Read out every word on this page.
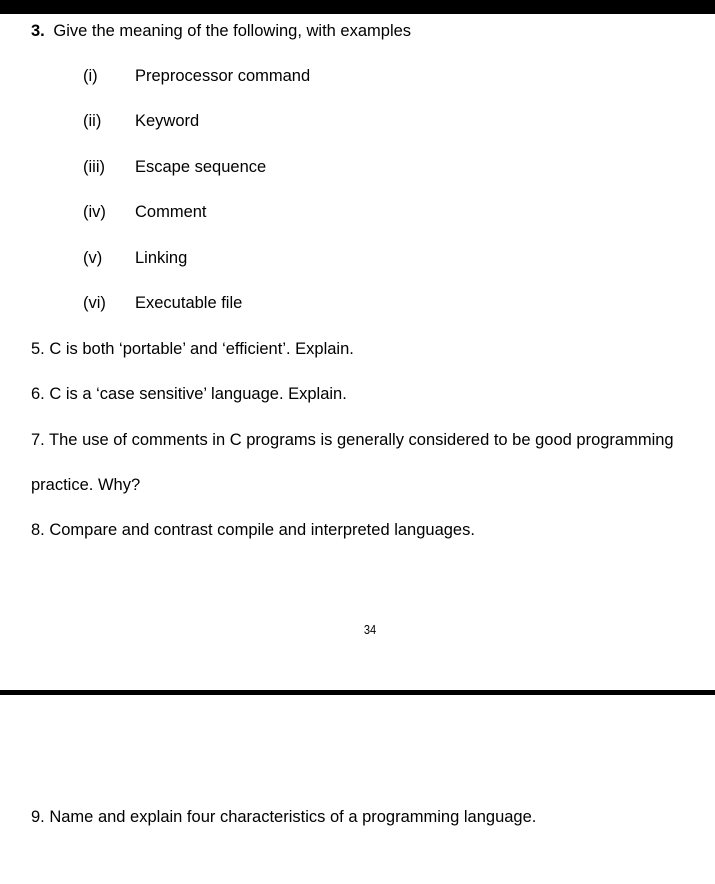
3. Give the meaning of the following, with examples
(i) Preprocessor command
(ii) Keyword
(iii) Escape sequence
(iv) Comment
(v) Linking
(vi) Executable file
5. C is both ‘portable’ and ‘efficient’. Explain.
6. C is a ‘case sensitive’ language. Explain.
7. The use of comments in C programs is generally considered to be good programming
practice. Why?
8. Compare and contrast compile and interpreted languages.
34
9. Name and explain four characteristics of a programming language.
